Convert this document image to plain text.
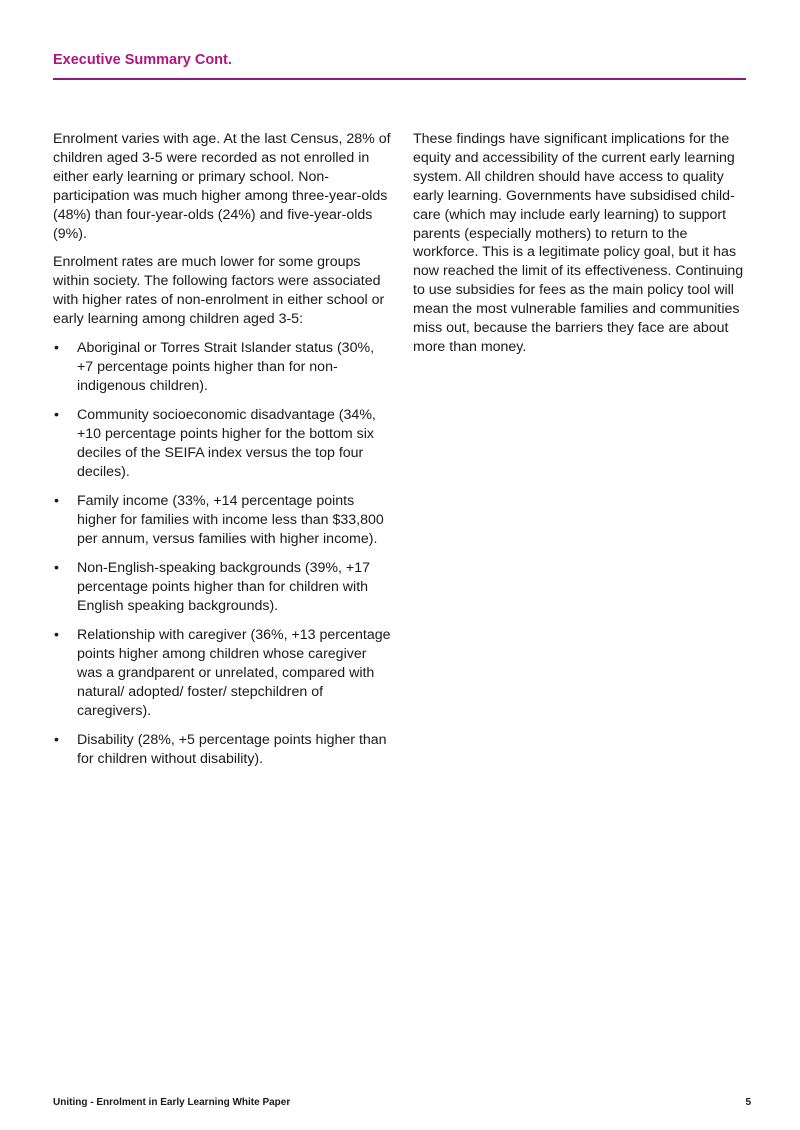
Executive Summary Cont.

Enrolment varies with age. At the last Census, 28% of children aged 3-5 were recorded as not enrolled in either early learning or primary school. Non-participation was much higher among three-year-olds (48%) than four-year-olds (24%) and five-year-olds (9%).

Enrolment rates are much lower for some groups within society. The following factors were associated with higher rates of non-enrolment in either school or early learning among children aged 3-5:

• Aboriginal or Torres Strait Islander status (30%, +7 percentage points higher than for non-indigenous children).
• Community socioeconomic disadvantage (34%, +10 percentage points higher for the bottom six deciles of the SEIFA index versus the top four deciles).
• Family income (33%, +14 percentage points higher for families with income less than $33,800 per annum, versus families with higher income).
• Non-English-speaking backgrounds (39%, +17 percentage points higher than for children with English speaking backgrounds).
• Relationship with caregiver (36%, +13 percentage points higher among children whose caregiver was a grandparent or unrelated, compared with natural/ adopted/ foster/ stepchildren of caregivers).
• Disability (28%, +5 percentage points higher than for children without disability).

These findings have significant implications for the equity and accessibility of the current early learning system. All children should have access to quality early learning. Governments have subsidised child-care (which may include early learning) to support parents (especially mothers) to return to the workforce. This is a legitimate policy goal, but it has now reached the limit of its effectiveness. Continuing to use subsidies for fees as the main policy tool will mean the most vulnerable families and communities miss out, because the barriers they face are about more than money.

Uniting - Enrolment in Early Learning White Paper	5
